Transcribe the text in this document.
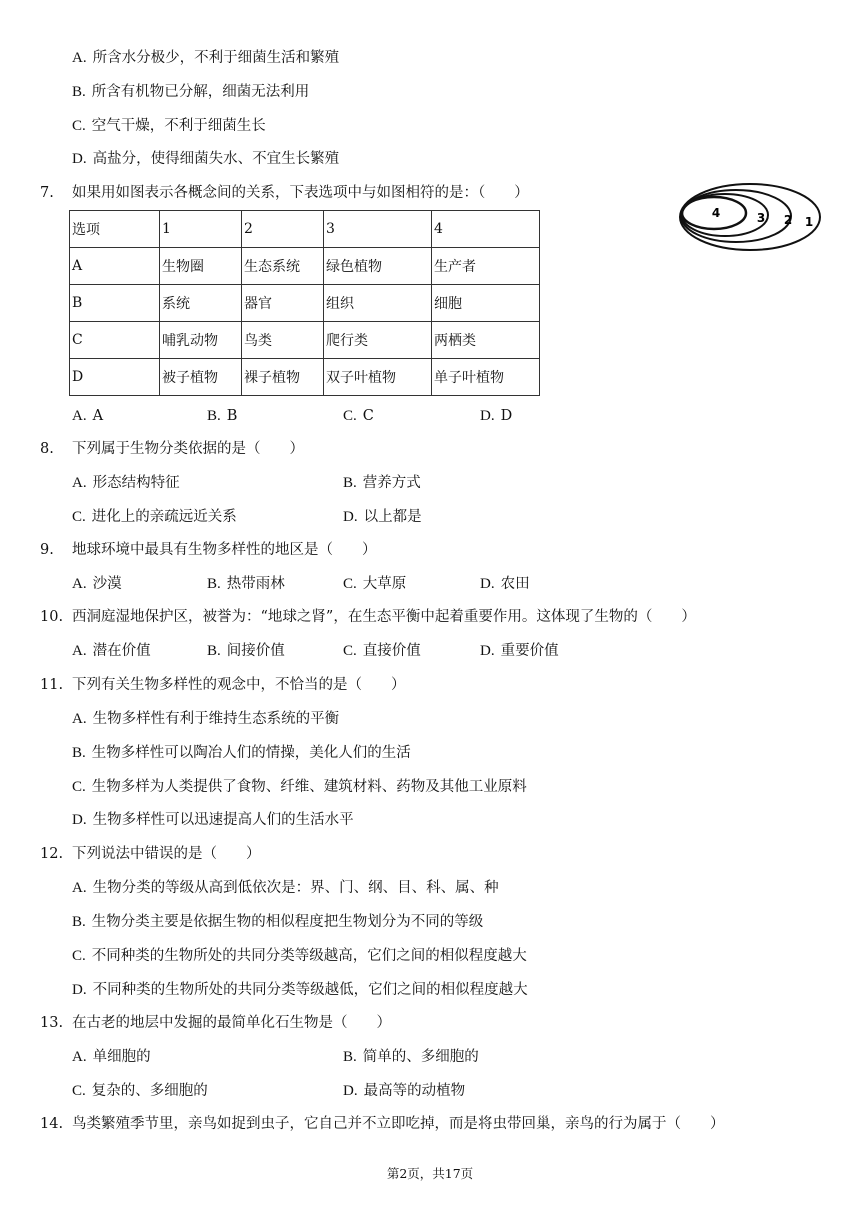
A. 所含水分极少，不利于细菌生活和繁殖
B. 所含有机物已分解，细菌无法利用
C. 空气干燥，不利于细菌生长
D. 高盐分，使得细菌失水、不宜生长繁殖
7. 如果用如图表示各概念间的关系，下表选项中与如图相符的是：（　　）
选项	1	2	3	4
A	生物圈	生态系统	绿色植物	生产者
B	系统	器官	组织	细胞
C	哺乳动物	鸟类	爬行类	两栖类
D	被子植物	裸子植物	双子叶植物	单子叶植物
4	3 2 1
A. A	B. B	C. C	D. D
8. 下列属于生物分类依据的是（　　）
A. 形态结构特征	B. 营养方式
C. 进化上的亲疏远近关系	D. 以上都是
9. 地球环境中最具有生物多样性的地区是（　　）
A. 沙漠	B. 热带雨林	C. 大草原	D. 农田
10. 西洞庭湿地保护区，被誉为：“地球之肾”，在生态平衡中起着重要作用。这体现了生物的（　　）
A. 潜在价值	B. 间接价值	C. 直接价值	D. 重要价值
11. 下列有关生物多样性的观念中，不恰当的是（　　）
A. 生物多样性有利于维持生态系统的平衡
B. 生物多样性可以陶冶人们的情操，美化人们的生活
C. 生物多样为人类提供了食物、纤维、建筑材料、药物及其他工业原料
D. 生物多样性可以迅速提高人们的生活水平
12. 下列说法中错误的是（　　）
A. 生物分类的等级从高到低依次是：界、门、纲、目、科、属、种
B. 生物分类主要是依据生物的相似程度把生物划分为不同的等级
C. 不同种类的生物所处的共同分类等级越高，它们之间的相似程度越大
D. 不同种类的生物所处的共同分类等级越低，它们之间的相似程度越大
13. 在古老的地层中发掘的最简单化石生物是（　　）
A. 单细胞的	B. 简单的、多细胞的
C. 复杂的、多细胞的	D. 最高等的动植物
14. 鸟类繁殖季节里，亲鸟如捉到虫子，它自己并不立即吃掉，而是将虫带回巢，亲鸟的行为属于（　　）
第2页，共17页
